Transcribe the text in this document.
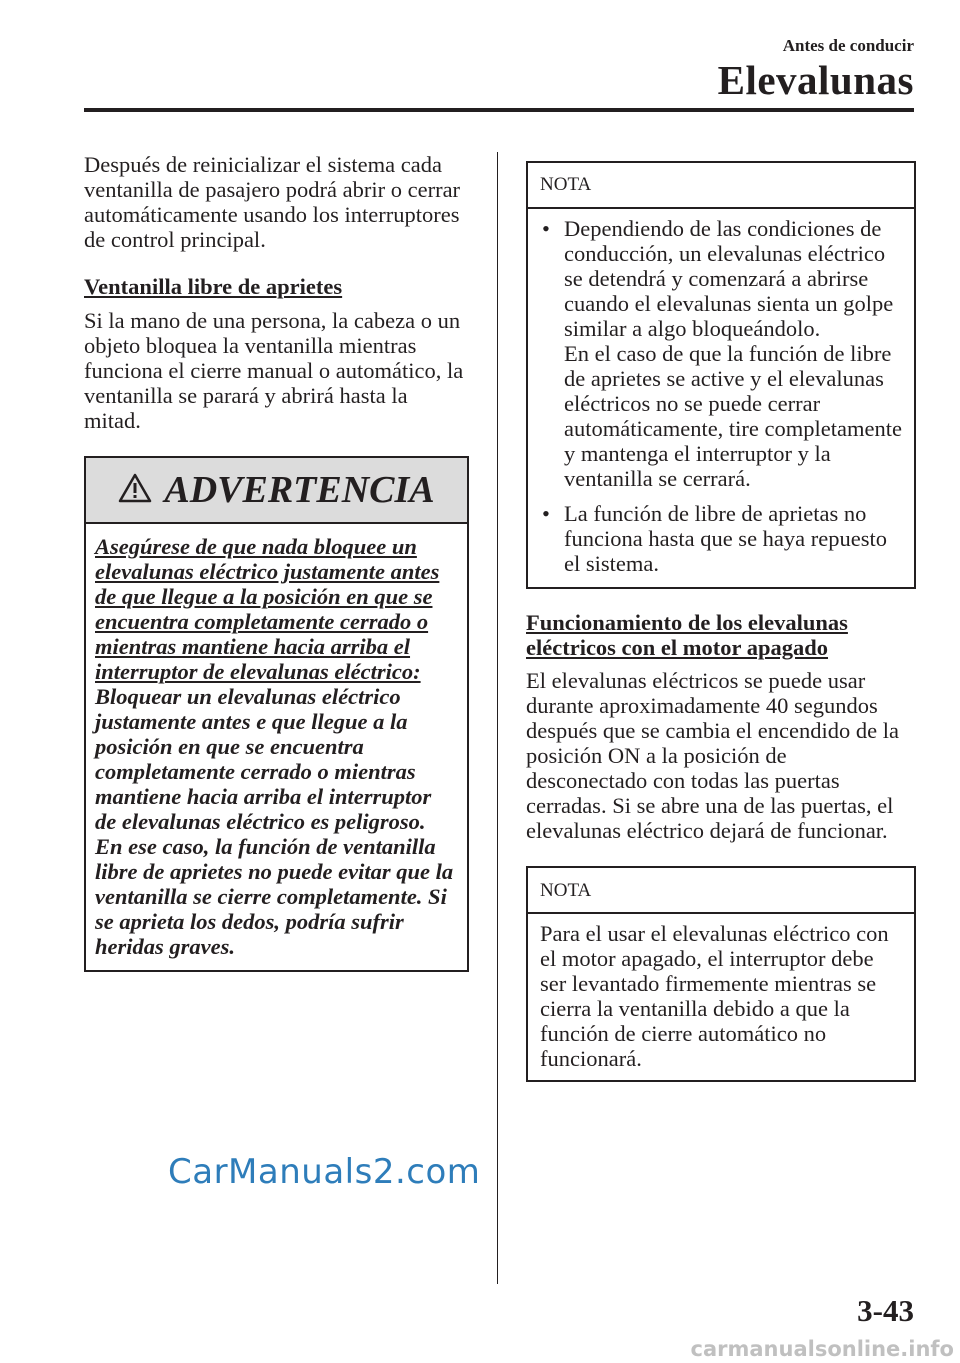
Antes de conducir
Elevalunas

Después de reinicializar el sistema cada

ventanilla de pasajero podrá abrir o cerrar

automáticamente usando los interruptores

de control principal.

Ventanilla libre de aprietes

Si la mano de una persona, la cabeza o un

objeto bloquea la ventanilla mientras

funciona el cierre manual o automático, la

ventanilla se parará y abrirá hasta la

mitad.

ADVERTENCIA

Asegúrese de que nada bloquee un

elevalunas eléctrico justamente antes

de que llegue a la posición en que se

encuentra completamente cerrado o

mientras mantiene hacia arriba el

interruptor de elevalunas eléctrico:

Bloquear un elevalunas eléctrico

justamente antes e que llegue a la

posición en que se encuentra

completamente cerrado o mientras

mantiene hacia arriba el interruptor

de elevalunas eléctrico es peligroso.

En ese caso, la función de ventanilla

libre de aprietes no puede evitar que la

ventanilla se cierre completamente. Si

se aprieta los dedos, podría sufrir

heridas graves.

NOTA
• Dependiendo de las condiciones de
conducción, un elevalunas eléctrico
se detendrá y comenzará a abrirse
cuando el elevalunas sienta un golpe
similar a algo bloqueándolo.
En el caso de que la función de libre
de aprietes se active y el elevalunas
eléctricos no se puede cerrar
automáticamente, tire completamente
y mantenga el interruptor y la
ventanilla se cerrará.
• La función de libre de aprietas no
funciona hasta que se haya repuesto
el sistema.

Funcionamiento de los elevalunas

eléctricos con el motor apagado

El elevalunas eléctricos se puede usar

durante aproximadamente 40 segundos

después que se cambia el encendido de la

posición ON a la posición de

desconectado con todas las puertas

cerradas. Si se abre una de las puertas, el

elevalunas eléctrico dejará de funcionar.

NOTA

Para el usar el elevalunas eléctrico con

el motor apagado, el interruptor debe

ser levantado firmemente mientras se

cierra la ventanilla debido a que la

función de cierre automático no

funcionará.

CarManuals2.com
3-43
carmanualsonline.info
